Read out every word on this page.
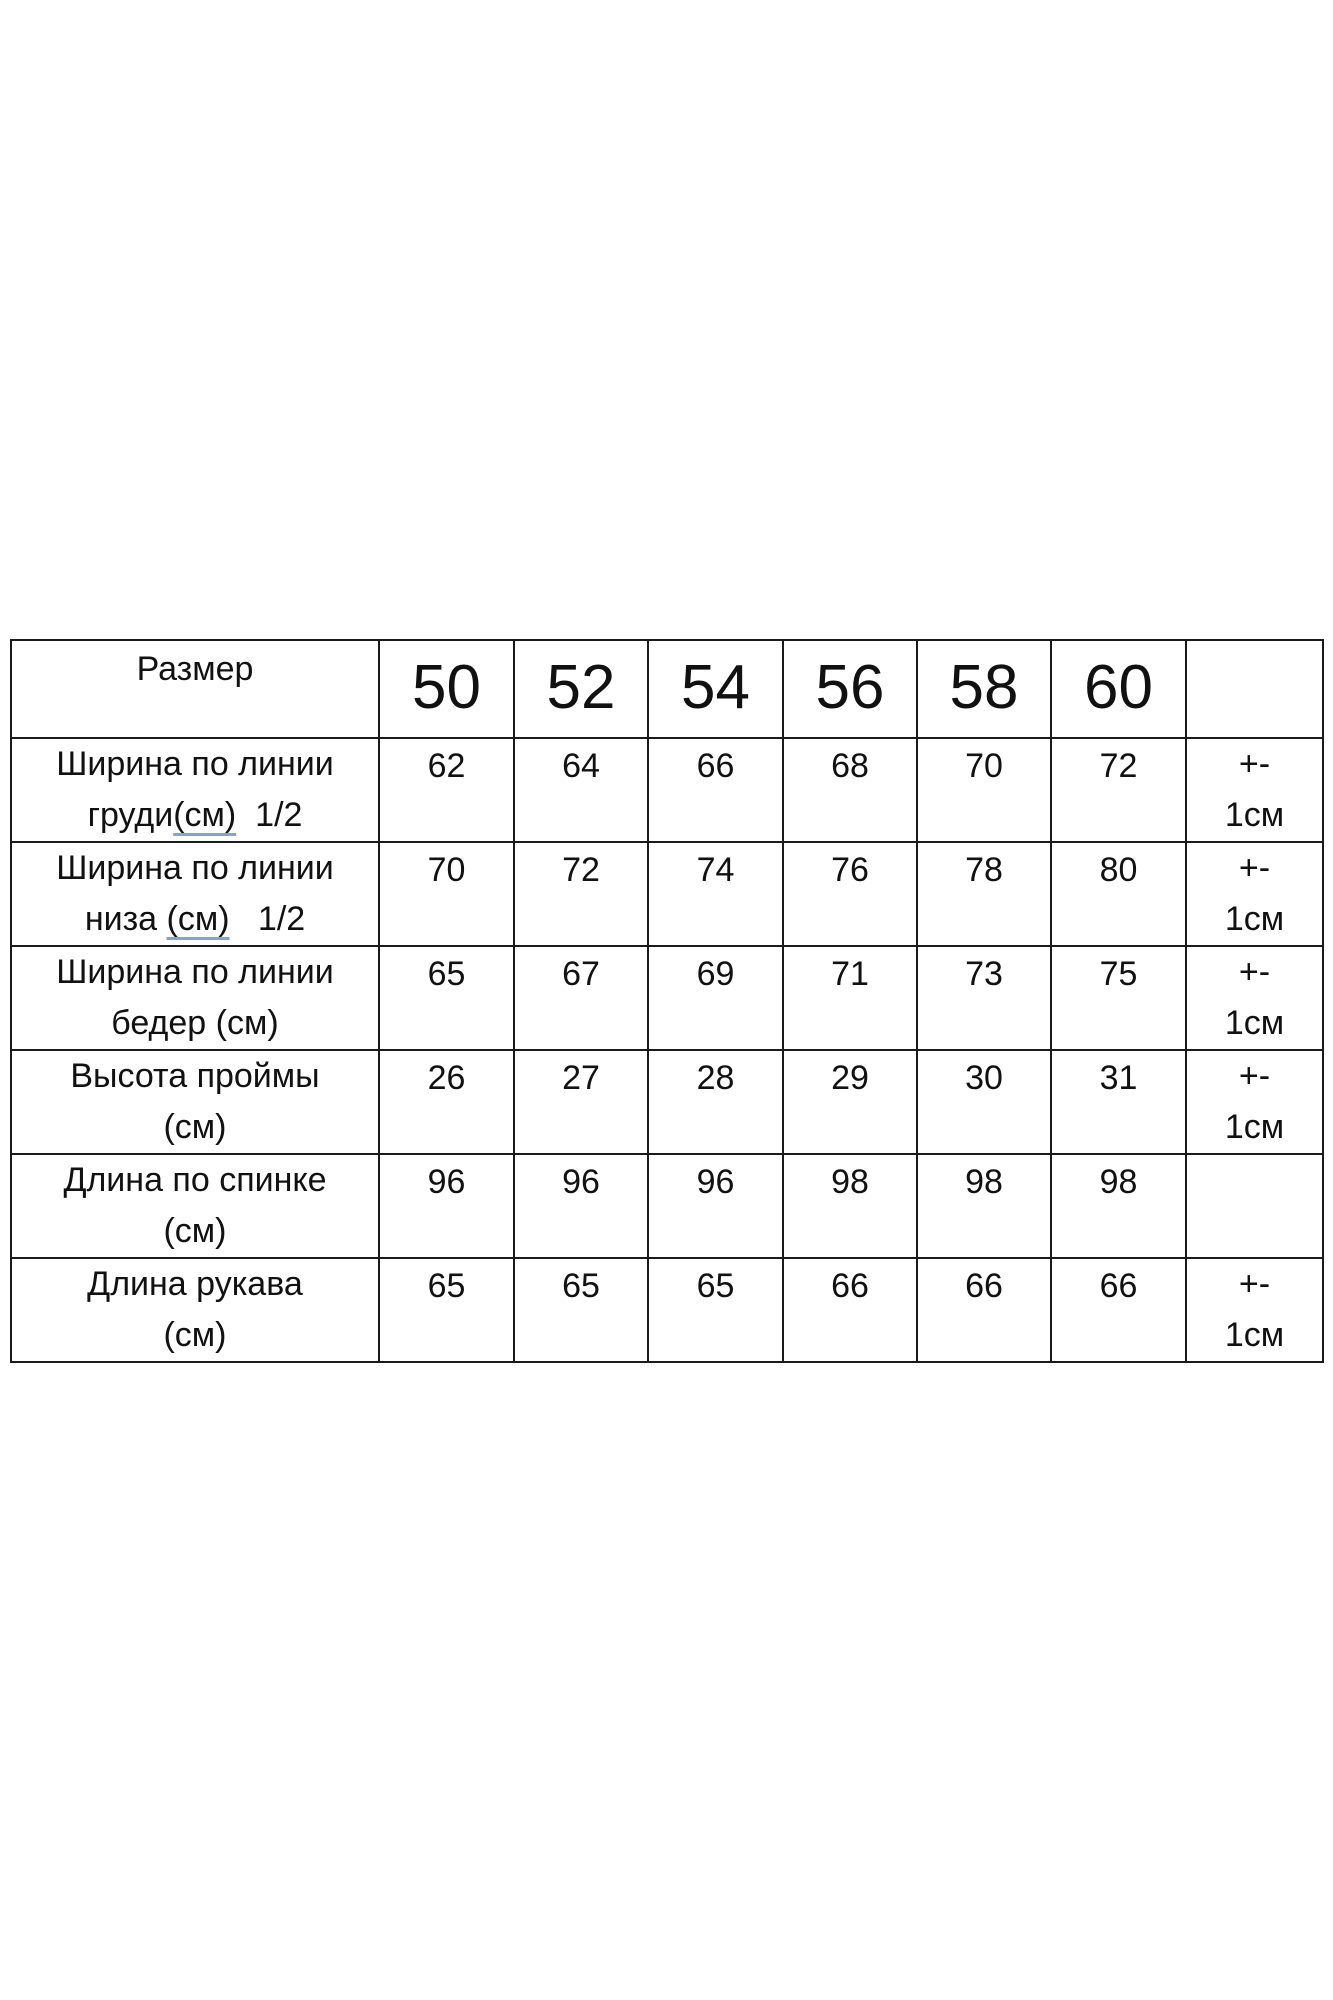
Размер	50	52	54	56	58	60	

Ширина по линии
груди(см) 1/2	62	64	66	68	70	72	+-
1см

Ширина по линии
низа (см) 1/2	70	72	74	76	78	80	+-
1см

Ширина по линии
бедер (см)	65	67	69	71	73	75	+-
1см

Высота проймы
(см)	26	27	28	29	30	31	+-
1см

Длина по спинке
(см)	96	96	96	98	98	98	

Длина рукава
(см)	65	65	65	66	66	66	+-
1см
